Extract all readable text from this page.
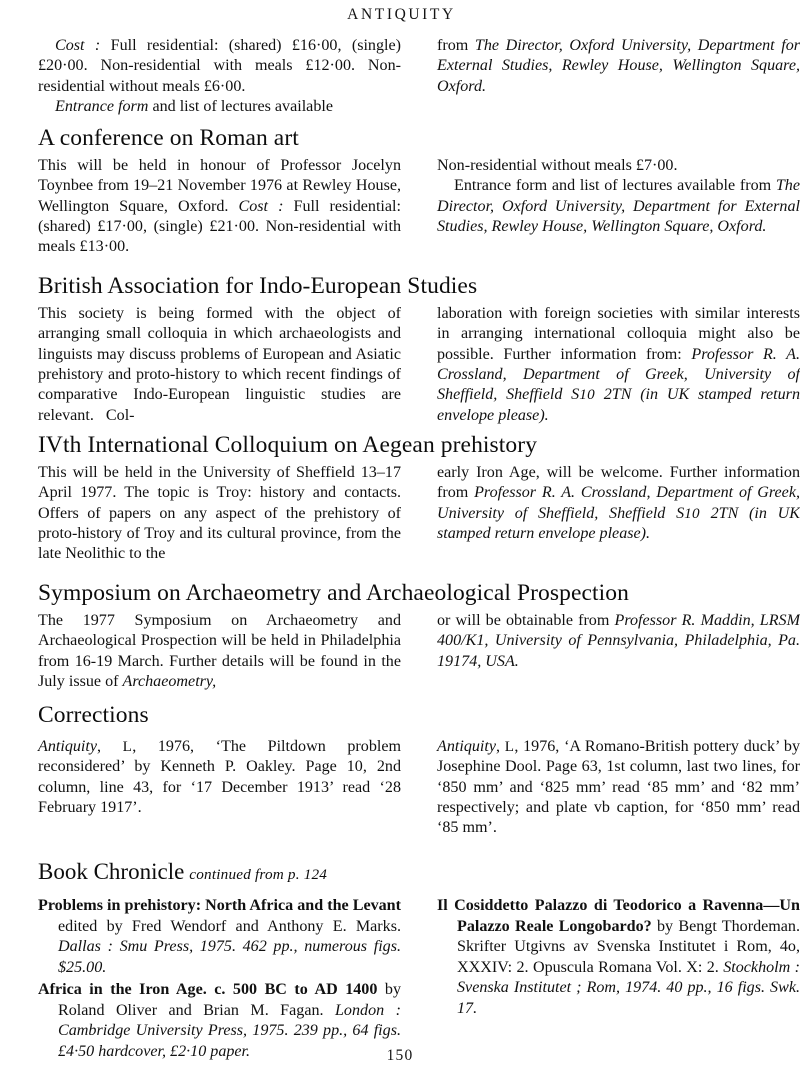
ANTIQUITY

Cost : Full residential: (shared) £16·00, (single) £20·00. Non-residential with meals £12·00. Non-residential without meals £6·00.

Entrance form and list of lectures available

from The Director, Oxford University, Department for External Studies, Rewley House, Wellington Square, Oxford.

A conference on Roman art

This will be held in honour of Professor Jocelyn Toynbee from 19–21 November 1976 at Rewley House, Wellington Square, Oxford. Cost : Full residential: (shared) £17·00, (single) £21·00. Non-residential with meals £13·00.

Non-residential without meals £7·00.

Entrance form and list of lectures available from The Director, Oxford University, Department for External Studies, Rewley House, Wellington Square, Oxford.

British Association for Indo-European Studies

This society is being formed with the object of arranging small colloquia in which archaeologists and linguists may discuss problems of European and Asiatic prehistory and proto-history to which recent findings of comparative Indo-European linguistic studies are relevant.   Col-

laboration with foreign societies with similar interests in arranging international colloquia might also be possible. Further information from: Professor R. A. Crossland, Department of Greek, University of Sheffield, Sheffield S10 2TN (in UK stamped return envelope please).

IVth International Colloquium on Aegean prehistory

This will be held in the University of Sheffield 13–17 April 1977. The topic is Troy: history and contacts. Offers of papers on any aspect of the prehistory of proto-history of Troy and its cultural province, from the late Neolithic to the

early Iron Age, will be welcome. Further information from Professor R. A. Crossland, Department of Greek, University of Sheffield, Sheffield S10 2TN (in UK stamped return envelope please).

Symposium on Archaeometry and Archaeological Prospection

The 1977 Symposium on Archaeometry and Archaeological Prospection will be held in Philadelphia from 16-19 March. Further details will be found in the July issue of Archaeometry,

or will be obtainable from Professor R. Maddin, LRSM 400/K1, University of Pennsylvania, Philadelphia, Pa. 19174, USA.

Corrections

Antiquity, L, 1976, ‘The Piltdown problem reconsidered’ by Kenneth P. Oakley. Page 10, 2nd column, line 43, for ‘17 December 1913’ read ‘28 February 1917’.

Antiquity, L, 1976, ‘A Romano-British pottery duck’ by Josephine Dool. Page 63, 1st column, last two lines, for ‘850 mm’ and ‘825 mm’ read ‘85 mm’ and ‘82 mm’ respectively; and plate vb caption, for ‘850 mm’ read ‘85 mm’.

Book Chronicle continued from p. 124

Problems in prehistory: North Africa and the Levant edited by Fred Wendorf and Anthony E. Marks. Dallas : Smu Press, 1975. 462 pp., numerous figs. $25.00.

Africa in the Iron Age. c. 500 BC to AD 1400 by Roland Oliver and Brian M. Fagan. London : Cambridge University Press, 1975. 239 pp., 64 figs. £4·50 hardcover, £2·10 paper.

Il Cosiddetto Palazzo di Teodorico a Ravenna—Un Palazzo Reale Longobardo? by Bengt Thordeman. Skrifter Utgivns av Svenska Institutet i Rom, 4o, XXXIV: 2. Opuscula Romana Vol. X: 2. Stockholm : Svenska Institutet ; Rom, 1974. 40 pp., 16 figs. Swk. 17.

150
